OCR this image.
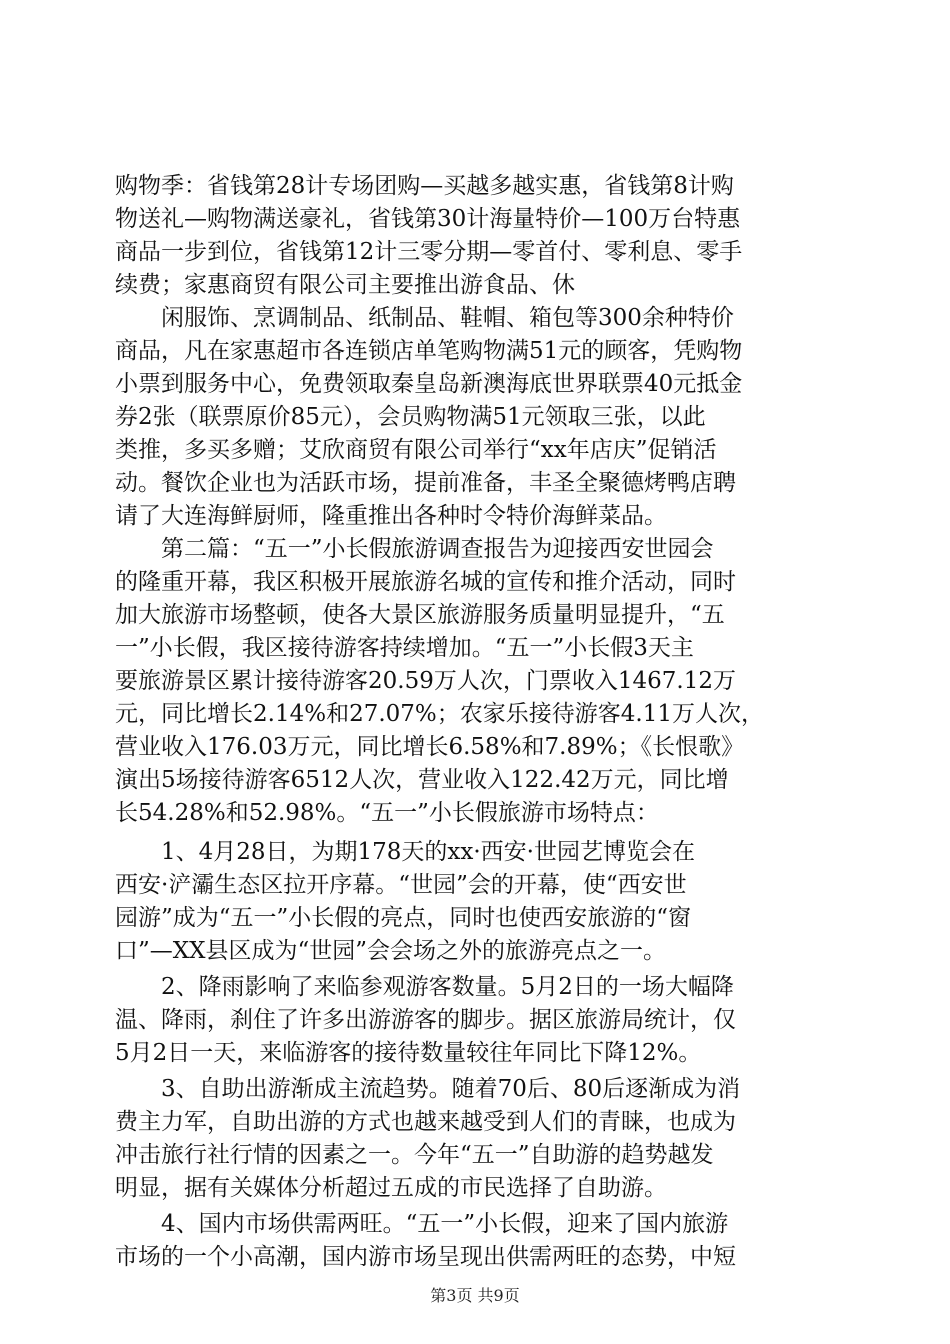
购物季：省钱第28计专场团购—买越多越实惠，省钱第8计购
物送礼—购物满送豪礼，省钱第30计海量特价—100万台特惠
商品一步到位，省钱第12计三零分期—零首付、零利息、零手
续费；家惠商贸有限公司主要推出游食品、休
　　闲服饰、烹调制品、纸制品、鞋帽、箱包等300余种特价
商品，凡在家惠超市各连锁店单笔购物满51元的顾客，凭购物
小票到服务中心，免费领取秦皇岛新澳海底世界联票40元抵金
券2张（联票原价85元），会员购物满51元领取三张，以此
类推，多买多赠；艾欣商贸有限公司举行“xx年店庆”促销活
动。餐饮企业也为活跃市场，提前准备，丰圣全聚德烤鸭店聘
请了大连海鲜厨师，隆重推出各种时令特价海鲜菜品。
　　第二篇：“五一”小长假旅游调查报告为迎接西安世园会
的隆重开幕，我区积极开展旅游名城的宣传和推介活动，同时
加大旅游市场整顿，使各大景区旅游服务质量明显提升，“五
一”小长假，我区接待游客持续增加。“五一”小长假3天主
要旅游景区累计接待游客20.59万人次，门票收入1467.12万
元，同比增长2.14%和27.07%；农家乐接待游客4.11万人次，
营业收入176.03万元，同比增长6.58%和7.89%；《长恨歌》
演出5场接待游客6512人次，营业收入122.42万元，同比增
长54.28%和52.98%。“五一”小长假旅游市场特点：
　　1、4月28日，为期178天的xx·西安·世园艺博览会在
西安·浐灞生态区拉开序幕。“世园”会的开幕，使“西安世
园游”成为“五一”小长假的亮点，同时也使西安旅游的“窗
口”—XX县区成为“世园”会会场之外的旅游亮点之一。
　　2、降雨影响了来临参观游客数量。5月2日的一场大幅降
温、降雨，刹住了许多出游游客的脚步。据区旅游局统计，仅
5月2日一天，来临游客的接待数量较往年同比下降12%。
　　3、自助出游渐成主流趋势。随着70后、80后逐渐成为消
费主力军，自助出游的方式也越来越受到人们的青睐，也成为
冲击旅行社行情的因素之一。今年“五一”自助游的趋势越发
明显，据有关媒体分析超过五成的市民选择了自助游。
　　4、国内市场供需两旺。“五一”小长假，迎来了国内旅游
市场的一个小高潮，国内游市场呈现出供需两旺的态势，中短
第3页 共9页
